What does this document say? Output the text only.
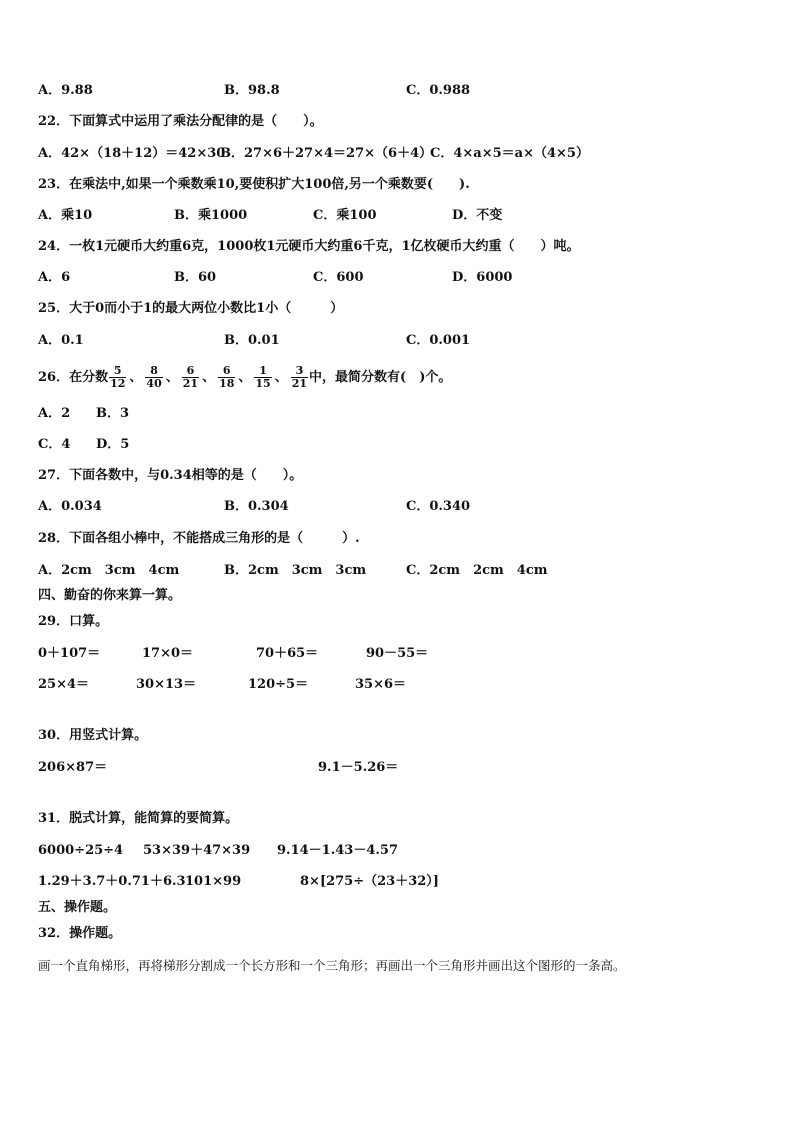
A．9.88	B．98.8	C．0.988
22．下面算式中运用了乘法分配律的是（　　）。
A．42×（18＋12）＝42×30
B．27×6＋27×4＝27×（6＋4）
C．4×a×5＝a×（4×5）
23．在乘法中,如果一个乘数乘10,要使积扩大100倍,另一个乘数要(　　).
A．乘10	B．乘1000	C．乘100	D．不变
24．一枚1元硬币大约重6克，1000枚1元硬币大约重6千克，1亿枚硬币大约重（　　）吨。
A．6	B．60	C．600	D．6000
25．大于0而小于1的最大两位小数比1小（　　　）
A．0.1	B．0.01	C．0.001
26．在分数 $\frac{5}{12}$ 、 $\frac{8}{40}$ 、 $\frac{6}{21}$ 、 $\frac{6}{18}$ 、 $\frac{1}{15}$ 、 $\frac{3}{21}$ 中，最简分数有(　)个。
A．2 B．3
C．4 D．5
27．下面各数中，与0.34相等的是（　　）。
A．0.034	B．0.304	C．0.340
28．下面各组小棒中，不能搭成三角形的是（　　　）.
A．2cm　3cm　4cm	B．2cm　3cm　3cm	C．2cm　2cm　4cm
四、勤奋的你来算一算。
29．口算。
0＋107＝	17×0＝	70＋65＝	90－55＝
25×4＝	30×13＝	120÷5＝	35×6＝
30．用竖式计算。
206×87＝	9.1－5.26＝
31．脱式计算，能简算的要简算。
6000÷25÷4 53×39＋47×39 9.14－1.43－4.57
1.29＋3.7＋0.71＋6.3 101×99	8×[275÷（23＋32）]
五、操作题。
32．操作题。
画一个直角梯形，再将梯形分割成一个长方形和一个三角形；再画出一个三角形并画出这个图形的一条高。
